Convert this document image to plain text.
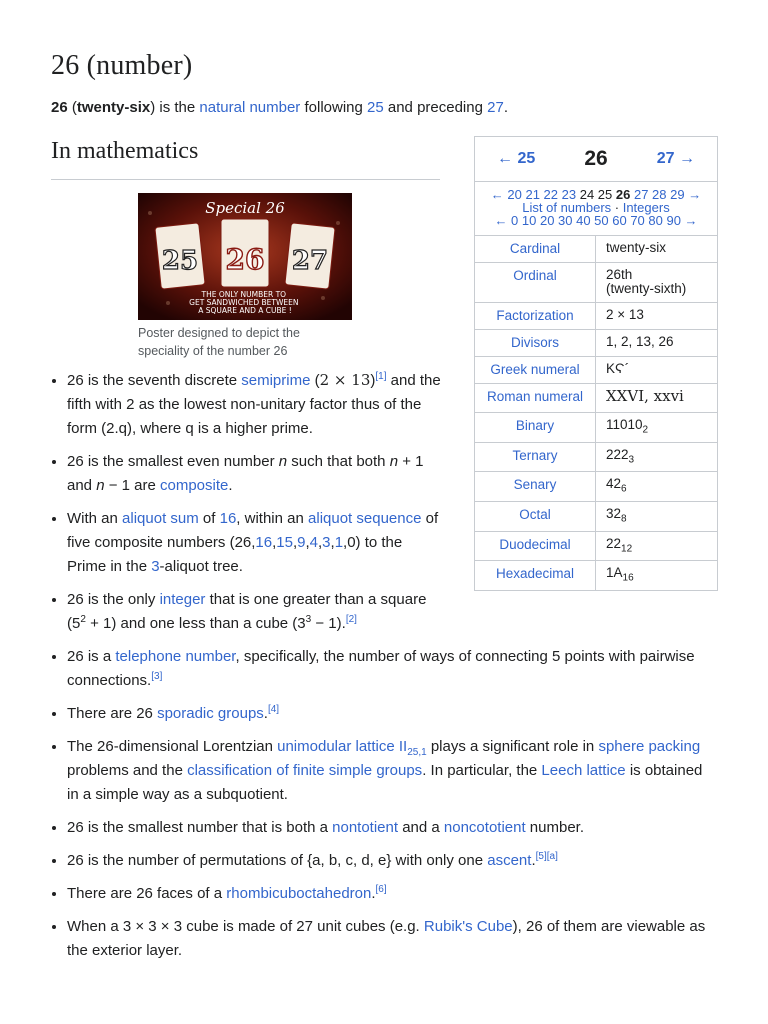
26 (number)
26 (twenty-six) is the natural number following 25 and preceding 27.
In mathematics
Special 26
25 26 27
THE ONLY NUMBER TO GET SANDWICHED BETWEEN A SQUARE AND A CUBE !
Poster designed to depict the speciality of the number 26
← 25 26	27 →
← 20 21 22 23 24 25 26 27 28 29 →
List of numbers · Integers
← 0 10 20 30 40 50 60 70 80 90 →
Cardinal	twenty-six
Ordinal	26th
(twenty-sixth)
Factorization	2 × 13
Divisors	1, 2, 13, 26
Greek numeral	ΚϚ´
Roman numeral	XXVI, xxvi
Binary	$11010_2$
Ternary	$222_3$
Senary	$42_6$
Octal	$32_8$
Duodecimal	$22_{12}$
Hexadecimal	$1A_{16}$
• 26 is the seventh discrete semiprime (2 × 13)[1] and the fifth with 2 as the lowest non-unitary factor thus of the form (2.q), where q is a higher prime.
• 26 is the smallest even number n such that both n + 1 and n − 1 are composite.
• With an aliquot sum of 16, within an aliquot sequence of five composite numbers (26,16,15,9,4,3,1,0) to the Prime in the 3-aliquot tree.
• 26 is the only integer that is one greater than a square $(5^2 + 1)$ and one less than a cube $(3^3 - 1).[2]$
• 26 is a telephone number, specifically, the number of ways of connecting 5 points with pairwise connections.[3]
• There are 26 sporadic groups.[4]
• The 26-dimensional Lorentzian unimodular lattice $II_{25,1}$ plays a significant role in sphere packing problems and the classification of finite simple groups. In particular, the Leech lattice is obtained in a simple way as a subquotient.
• 26 is the smallest number that is both a nontotient and a noncototient number.
• 26 is the number of permutations of {a, b, c, d, e} with only one ascent.[5][a]
• There are 26 faces of a rhombicuboctahedron.[6]
• When a 3 × 3 × 3 cube is made of 27 unit cubes (e.g. Rubik's Cube), 26 of them are viewable as the exterior layer.
